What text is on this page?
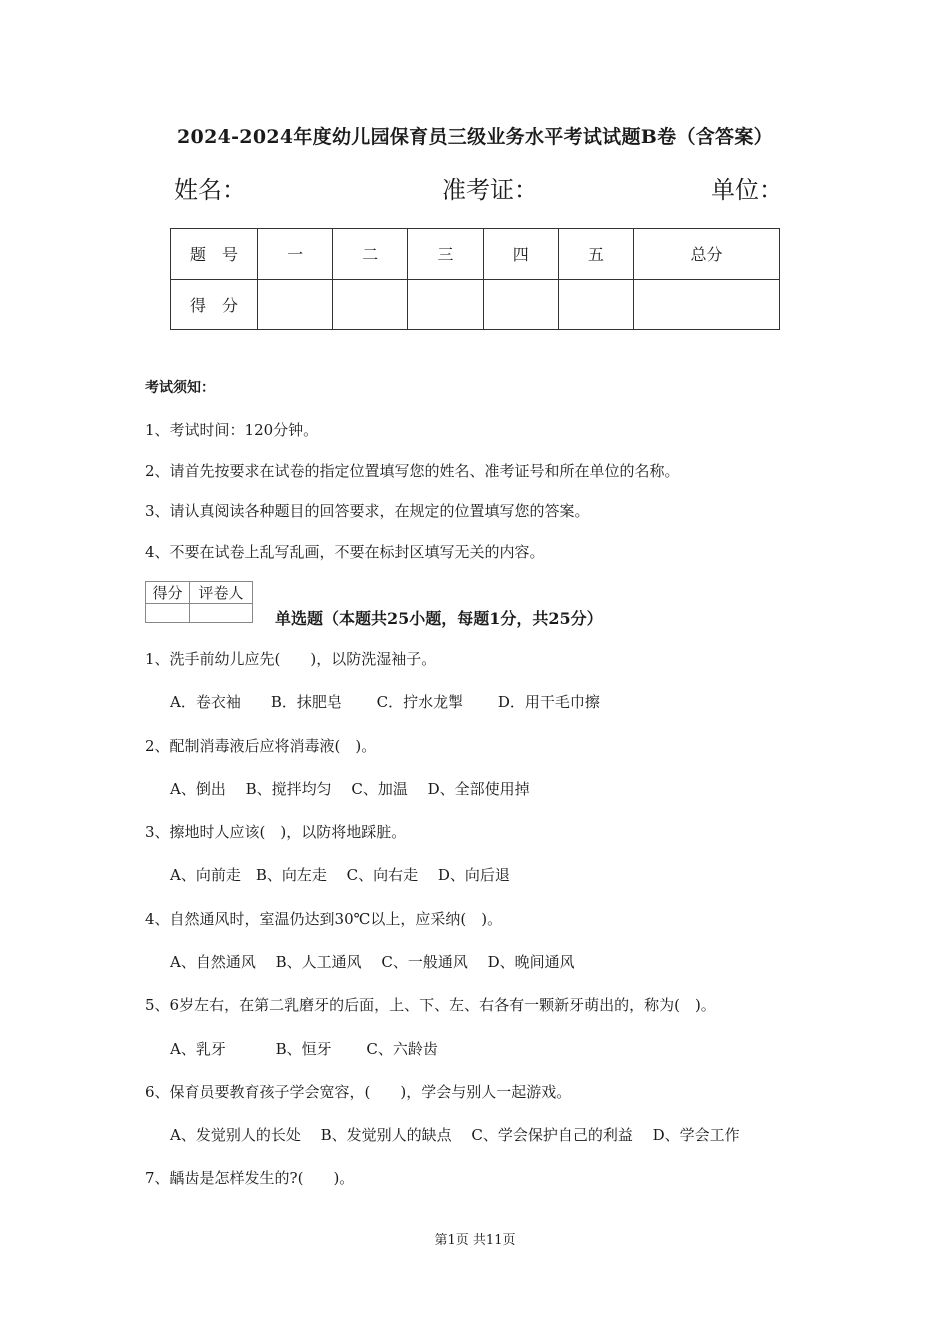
2024-2024年度幼儿园保育员三级业务水平考试试题B卷（含答案）
姓名：	准考证：	单位：
题　号	一	二	三	四	五	总分
得　分						
考试须知：
1、考试时间：120分钟。
2、请首先按要求在试卷的指定位置填写您的姓名、准考证号和所在单位的名称。
3、请认真阅读各种题目的回答要求，在规定的位置填写您的答案。
4、不要在试卷上乱写乱画，不要在标封区填写无关的内容。
得分	评卷人

单选题（本题共25小题，每题1分，共25分）
1、洗手前幼儿应先(　　)，以防洗湿袖子。
A．卷衣袖　　B．抹肥皂　　 C．拧水龙掣　　 D．用干毛巾擦
2、配制消毒液后应将消毒液(　)。
A、倒出　 B、搅拌均匀　 C、加温　 D、全部使用掉
3、擦地时人应该(　)，以防将地踩脏。
A、向前走　B、向左走　 C、向右走　 D、向后退
4、自然通风时，室温仍达到30℃以上，应采纳(　)。
A、自然通风　 B、人工通风　 C、一般通风　 D、晚间通风
5、6岁左右，在第二乳磨牙的后面，上、下、左、右各有一颗新牙萌出的，称为(　)。
A、乳牙　　　 B、恒牙　　 C、六龄齿
6、保育员要教育孩子学会宽容，(　　)，学会与别人一起游戏。
A、发觉别人的长处　 B、发觉别人的缺点　 C、学会保护自己的利益　 D、学会工作
7、龋齿是怎样发生的?(　　)。
第1页 共11页
